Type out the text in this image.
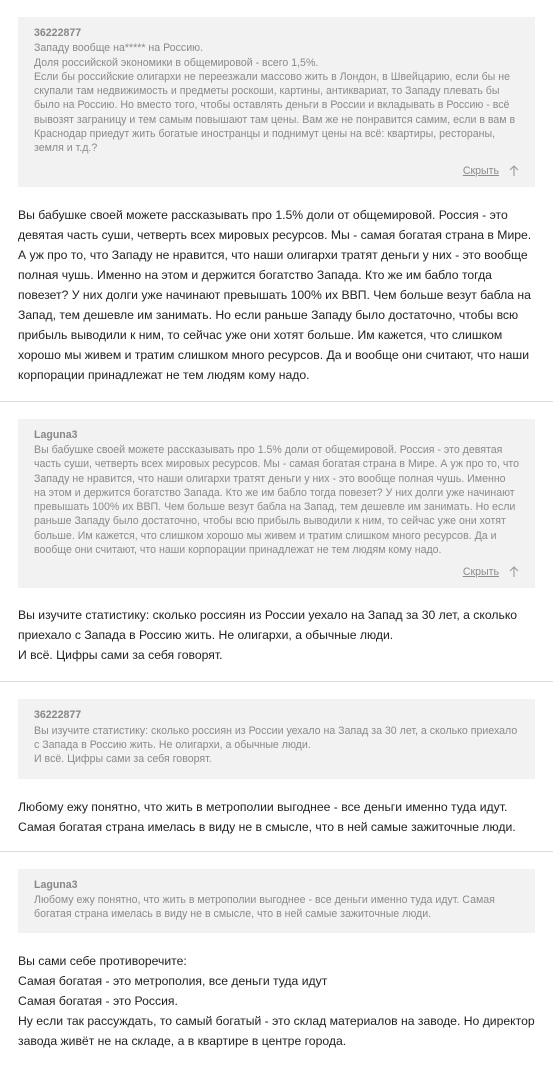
36222877
Западу вообще на***** на Россию.
Доля российской экономики в общемировой - всего 1,5%.
Если бы российские олигархи не переезжали массово жить в Лондон, в Швейцарию, если бы не скупали там недвижимость и предметы роскоши, картины, антиквариат, то Западу плевать бы было на Россию. Но вместо того, чтобы оставлять деньги в России и вкладывать в Россию - всё вывозят заграницу и тем самым повышают там цены. Вам же не понравится самим, если в вам в Краснодар приедут жить богатые иностранцы и поднимут цены на всё: квартиры, рестораны, земля и т.д.?
Скрыть
Вы бабушке своей можете рассказывать про 1.5% доли от общемировой. Россия - это девятая часть суши, четверть всех мировых ресурсов. Мы - самая богатая страна в Мире. А уж про то, что Западу не нравится, что наши олигархи тратят деньги у них - это вообще полная чушь. Именно на этом и держится богатство Запада. Кто же им бабло тогда повезет? У них долги уже начинают превышать 100% их ВВП. Чем больше везут бабла на Запад, тем дешевле им занимать. Но если раньше Западу было достаточно, чтобы всю прибыль выводили к ним, то сейчас уже они хотят больше. Им кажется, что слишком хорошо мы живем и тратим слишком много ресурсов. Да и вообще они считают, что наши корпорации принадлежат не тем людям кому надо.
Laguna3
Вы бабушке своей можете рассказывать про 1.5% доли от общемировой. Россия - это девятая часть суши, четверть всех мировых ресурсов. Мы - самая богатая страна в Мире. А уж про то, что Западу не нравится, что наши олигархи тратят деньги у них - это вообще полная чушь. Именно на этом и держится богатство Запада. Кто же им бабло тогда повезет? У них долги уже начинают превышать 100% их ВВП. Чем больше везут бабла на Запад, тем дешевле им занимать. Но если раньше Западу было достаточно, чтобы всю прибыль выводили к ним, то сейчас уже они хотят больше. Им кажется, что слишком хорошо мы живем и тратим слишком много ресурсов. Да и вообще они считают, что наши корпорации принадлежат не тем людям кому надо.
Скрыть
Вы изучите статистику: сколько россиян из России уехало на Запад за 30 лет, а сколько приехало с Запада в Россию жить. Не олигархи, а обычные люди.
И всё. Цифры сами за себя говорят.
36222877
Вы изучите статистику: сколько россиян из России уехало на Запад за 30 лет, а сколько приехало с Запада в Россию жить. Не олигархи, а обычные люди.
И всё. Цифры сами за себя говорят.
Любому ежу понятно, что жить в метрополии выгоднее - все деньги именно туда идут. Самая богатая страна имелась в виду не в смысле, что в ней самые зажиточные люди.
Laguna3
Любому ежу понятно, что жить в метрополии выгоднее - все деньги именно туда идут. Самая богатая страна имелась в виду не в смысле, что в ней самые зажиточные люди.
Вы сами себе противоречите:
Самая богатая - это метрополия, все деньги туда идут
Самая богатая - это Россия.
Ну если так рассуждать, то самый богатый - это склад материалов на заводе. Но директор завода живёт не на складе, а в квартире в центре города.
